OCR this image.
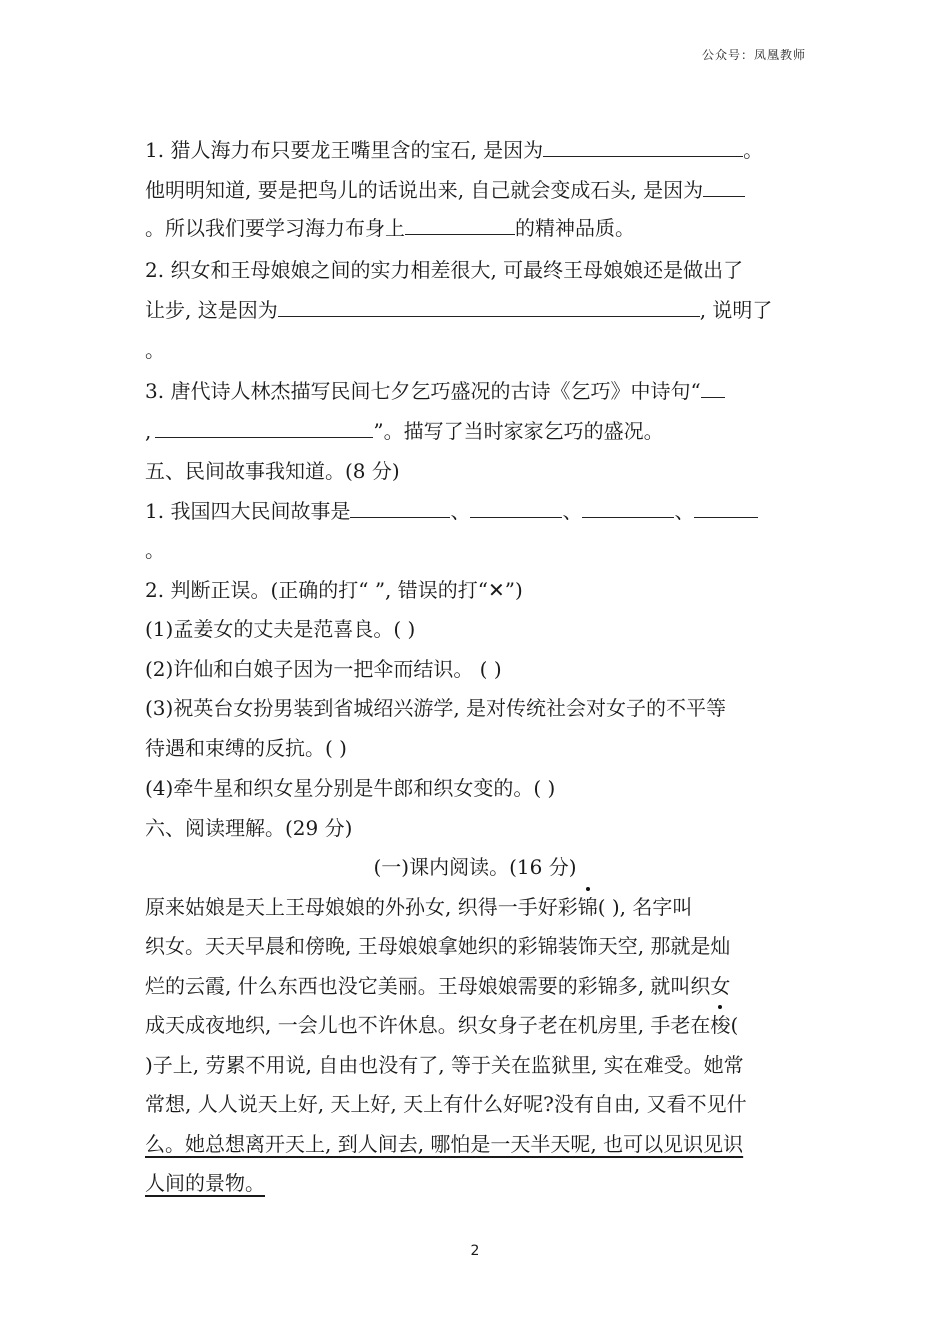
公众号：凤凰教师
1. 猎人海力布只要龙王嘴里含的宝石, 是因为	。
他明明知道, 要是把鸟儿的话说出来, 自己就会变成石头, 是因为
。所以我们要学习海力布身上	的精神品质。
2. 织女和王母娘娘之间的实力相差很大, 可最终王母娘娘还是做出了
让步, 这是因为	, 说明了
。
3. 唐代诗人林杰描写民间七夕乞巧盛况的古诗《乞巧》中诗句“
,	”。描写了当时家家乞巧的盛况。
五、民间故事我知道。(8 分)
1. 我国四大民间故事是	、	、	、
。
2. 判断正误。(正确的打“ ”, 错误的打“✕”)
(1)孟姜女的丈夫是范喜良。( )
(2)许仙和白娘子因为一把伞而结识。 ( )
(3)祝英台女扮男装到省城绍兴游学, 是对传统社会对女子的不平等
待遇和束缚的反抗。( )
(4)牵牛星和织女星分别是牛郎和织女变的。( )
六、阅读理解。(29 分)
(一)课内阅读。(16 分)
原来姑娘是天上王母娘娘的外孙女, 织得一手好彩锦( ), 名字叫
织女。天天早晨和傍晚, 王母娘娘拿她织的彩锦装饰天空, 那就是灿
烂的云霞, 什么东西也没它美丽。王母娘娘需要的彩锦多, 就叫织女
成天成夜地织, 一会儿也不许休息。织女身子老在机房里, 手老在梭(
)子上, 劳累不用说, 自由也没有了, 等于关在监狱里, 实在难受。她常
常想, 人人说天上好, 天上好, 天上有什么好呢?没有自由, 又看不见什
么。她总想离开天上, 到人间去, 哪怕是一天半天呢, 也可以见识见识
人间的景物。
2
